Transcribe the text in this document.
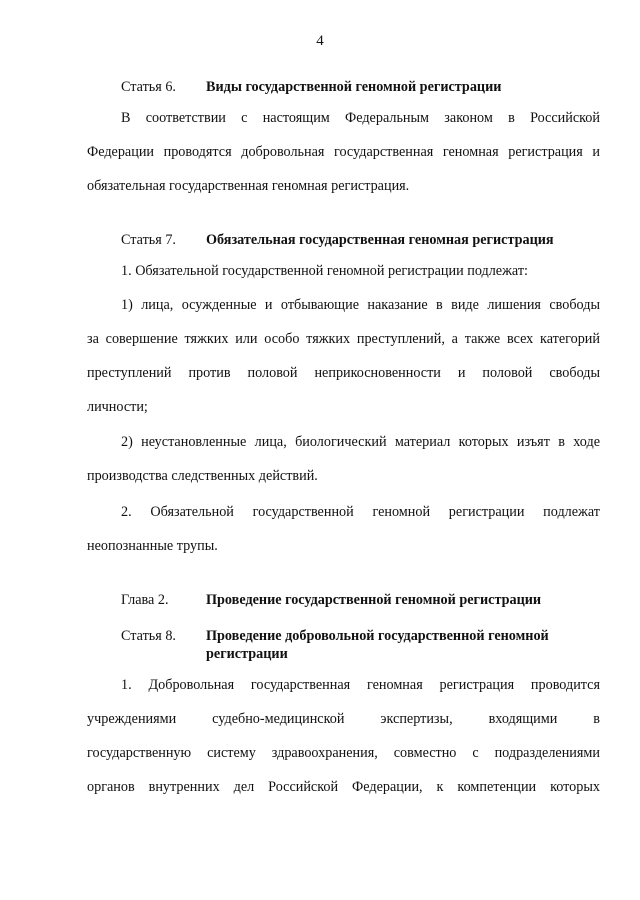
4
Статья 6. Виды государственной геномной регистрации
В соответствии с настоящим Федеральным законом в Российской
Федерации проводятся добровольная государственная геномная регистрация и
обязательная государственная геномная регистрация.
Статья 7. Обязательная государственная геномная регистрация
1. Обязательной государственной геномной регистрации подлежат:
1) лица, осужденные и отбывающие наказание в виде лишения свободы
за совершение тяжких или особо тяжких преступлений, а также всех категорий
преступлений против половой неприкосновенности и половой свободы
личности;
2) неустановленные лица, биологический материал которых изъят в ходе
производства следственных действий.
2. Обязательной государственной геномной регистрации подлежат
неопознанные трупы.
Глава 2.	Проведение государственной геномной регистрации
Статья 8. Проведение добровольной государственной геномной регистрации
1. Добровольная государственная геномная регистрация проводится
учреждениями судебно-медицинской экспертизы, входящими в
государственную систему здравоохранения, совместно с подразделениями
органов внутренних дел Российской Федерации, к компетенции которых
